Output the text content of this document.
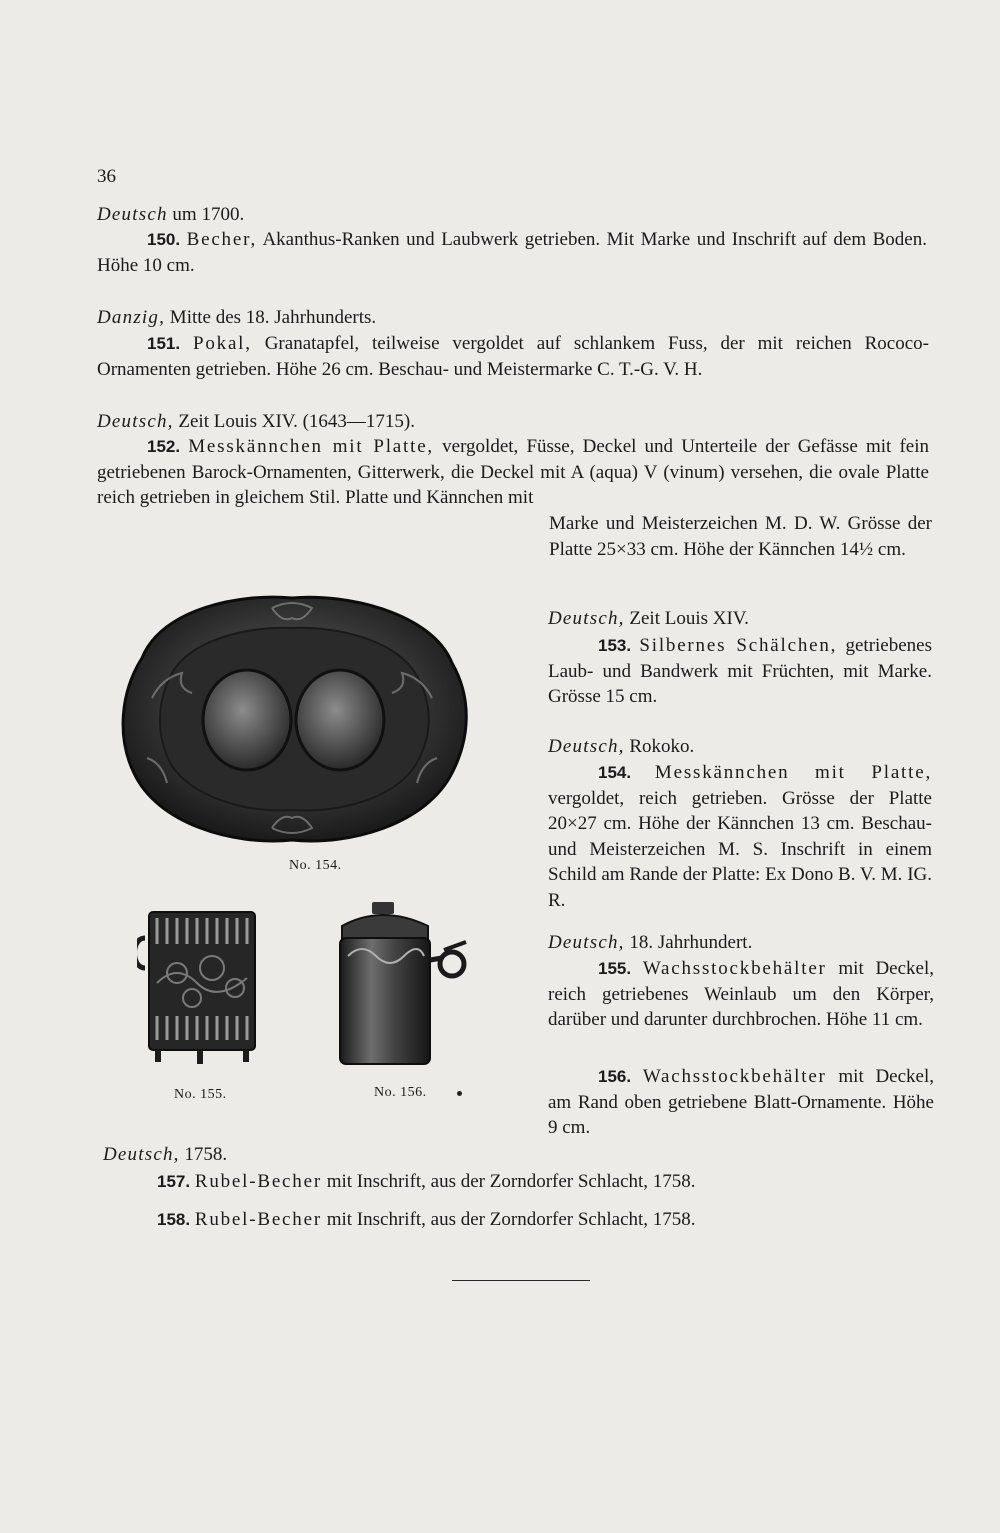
36
Deutsch um 1700.
150. Becher, Akanthus-Ranken und Laubwerk getrieben. Mit Marke und Inschrift auf dem Boden. Höhe 10 cm.
Danzig, Mitte des 18. Jahrhunderts.
151. Pokal, Granatapfel, teilweise vergoldet auf schlankem Fuss, der mit reichen Rococo-Ornamenten getrieben. Höhe 26 cm. Beschau- und Meistermarke C. T.-G. V. H.
Deutsch, Zeit Louis XIV. (1643—1715).
152. Messkännchen mit Platte, vergoldet, Füsse, Deckel und Unterteile der Gefässe mit fein getriebenen Barock-Ornamenten, Gitterwerk, die Deckel mit A (aqua) V (vinum) versehen, die ovale Platte reich getrieben in gleichem Stil. Platte und Kännchen mit
Marke und Meisterzeichen M. D. W. Grösse der Platte 25×33 cm. Höhe der Kännchen 14½ cm.
Deutsch, Zeit Louis XIV.
153. Silbernes Schälchen, getriebenes Laub- und Bandwerk mit Früchten, mit Marke. Grösse 15 cm.
Deutsch, Rokoko.
154. Messkännchen mit Platte, vergoldet, reich getrieben. Grösse der Platte 20×27 cm. Höhe der Kännchen 13 cm. Beschau- und Meisterzeichen M. S. Inschrift in einem Schild am Rande der Platte: Ex Dono B. V. M. IG. R.
Deutsch, 18. Jahrhundert.
155. Wachsstockbehälter mit Deckel, reich getriebenes Weinlaub um den Körper, darüber und darunter durchbrochen. Höhe 11 cm.
156. Wachsstockbehälter mit Deckel, am Rand oben getriebene Blatt-Ornamente. Höhe 9 cm.
Deutsch, 1758.
157. Rubel-Becher mit Inschrift, aus der Zorndorfer Schlacht, 1758.
158. Rubel-Becher mit Inschrift, aus der Zorndorfer Schlacht, 1758.
No. 154.
No. 155.	No. 156.
